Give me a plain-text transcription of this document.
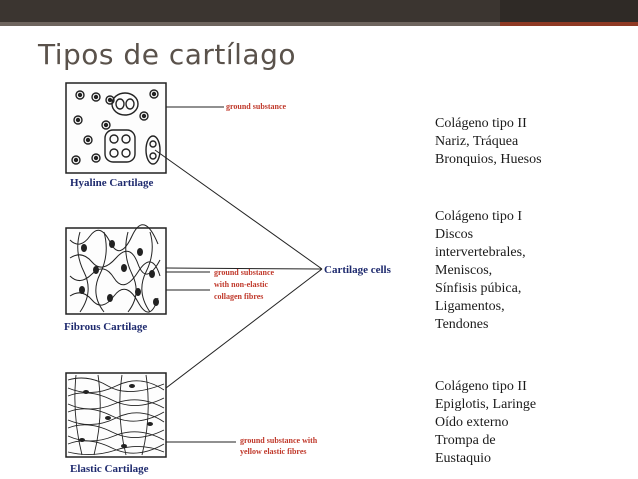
Tipos de cartílago
Hyaline Cartilage
Fibrous Cartilage
Elastic Cartilage
ground substance
ground substance
with non-elastic
collagen fibres
ground substance with
yellow elastic fibres
Cartilage cells
Colágeno tipo II
Nariz, Tráquea
Bronquios, Huesos
Colágeno tipo I
Discos
intervertebrales,
Meniscos,
Sínfisis púbica,
Ligamentos,
Tendones
Colágeno tipo II
Epiglotis, Laringe
Oído externo
Trompa de
Eustaquio
